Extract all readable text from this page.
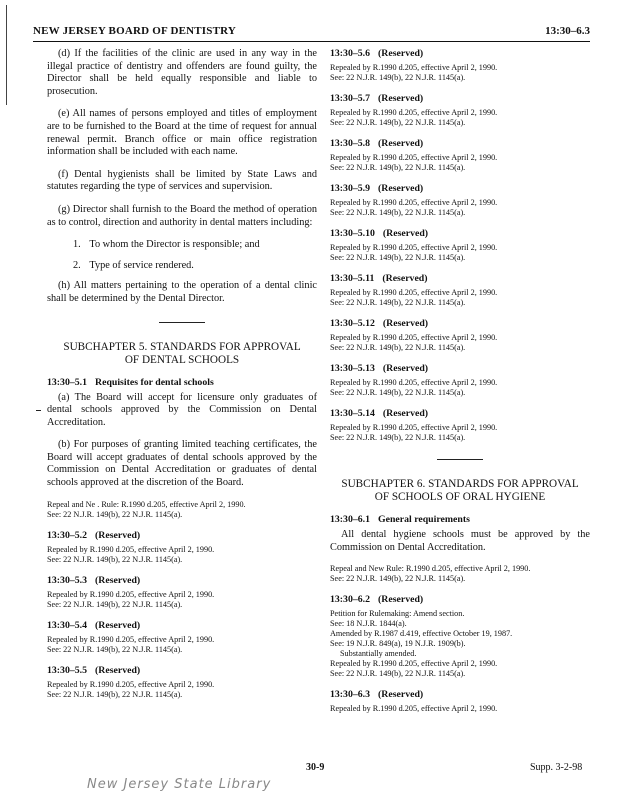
NEW JERSEY BOARD OF DENTISTRY	13:30–6.3

(d) If the facilities of the clinic are used in any way in the illegal practice of dentistry and offenders are found guilty, the Director shall be held equally responsible and liable to prosecution.

(e) All names of persons employed and titles of employment are to be furnished to the Board at the time of request for annual renewal permit. Branch office or main office registration information shall be included with each name.

(f) Dental hygienists shall be limited by State Laws and statutes regarding the type of services and supervision.

(g) Director shall furnish to the Board the method of operation as to control, direction and authority in dental matters including:

1. To whom the Director is responsible; and
2. Type of service rendered.

(h) All matters pertaining to the operation of a dental clinic shall be determined by the Dental Director.

SUBCHAPTER 5. STANDARDS FOR APPROVAL
OF DENTAL SCHOOLS
13:30–5.1 Requisites for dental schools

(a) The Board will accept for licensure only graduates of dental schools approved by the Commission on Dental Accreditation.

(b) For purposes of granting limited teaching certificates, the Board will accept graduates of dental schools approved by the Commission on Dental Accreditation or graduates of dental schools approved at the discretion of the Board.

Repeal and Ne . Rule: R.1990 d.205, effective April 2, 1990.

See: 22 N.J.R. 149(b), 22 N.J.R. 1145(a).

13:30–5.2 (Reserved)

Repealed by R.1990 d.205, effective April 2, 1990.

See: 22 N.J.R. 149(b), 22 N.J.R. 1145(a).

13:30–5.3 (Reserved)

Repealed by R.1990 d.205, effective April 2, 1990.

See: 22 N.J.R. 149(b), 22 N.J.R. 1145(a).

13:30–5.4 (Reserved)

Repealed by R.1990 d.205, effective April 2, 1990.

See: 22 N.J.R. 149(b), 22 N.J.R. 1145(a).

13:30–5.5 (Reserved)

Repealed by R.1990 d.205, effective April 2, 1990.

See: 22 N.J.R. 149(b), 22 N.J.R. 1145(a).

13:30–5.6 (Reserved)

Repealed by R.1990 d.205, effective April 2, 1990.

See: 22 N.J.R. 149(b), 22 N.J.R. 1145(a).

13:30–5.7 (Reserved)

Repealed by R.1990 d.205, effective April 2, 1990.

See: 22 N.J.R. 149(b), 22 N.J.R. 1145(a).

13:30–5.8 (Reserved)

Repealed by R.1990 d.205, effective April 2, 1990.

See: 22 N.J.R. 149(b), 22 N.J.R. 1145(a).

13:30–5.9 (Reserved)

Repealed by R.1990 d.205, effective April 2, 1990.

See: 22 N.J.R. 149(b), 22 N.J.R. 1145(a).

13:30–5.10 (Reserved)

Repealed by R.1990 d.205, effective April 2, 1990.

See: 22 N.J.R. 149(b), 22 N.J.R. 1145(a).

13:30–5.11 (Reserved)

Repealed by R.1990 d.205, effective April 2, 1990.

See: 22 N.J.R. 149(b), 22 N.J.R. 1145(a).

13:30–5.12 (Reserved)

Repealed by R.1990 d.205, effective April 2, 1990.

See: 22 N.J.R. 149(b), 22 N.J.R. 1145(a).

13:30–5.13 (Reserved)

Repealed by R.1990 d.205, effective April 2, 1990.

See: 22 N.J.R. 149(b), 22 N.J.R. 1145(a).

13:30–5.14 (Reserved)

Repealed by R.1990 d.205, effective April 2, 1990.

See: 22 N.J.R. 149(b), 22 N.J.R. 1145(a).

SUBCHAPTER 6. STANDARDS FOR APPROVAL
OF SCHOOLS OF ORAL HYGIENE
13:30–6.1 General requirements

All dental hygiene schools must be approved by the Commission on Dental Accreditation.

Repeal and New Rule: R.1990 d.205, effective April 2, 1990.

See: 22 N.J.R. 149(b), 22 N.J.R. 1145(a).

13:30–6.2 (Reserved)

Petition for Rulemaking: Amend section.

See: 18 N.J.R. 1844(a).

Amended by R.1987 d.419, effective October 19, 1987.

See: 19 N.J.R. 849(a), 19 N.J.R. 1909(b).

Substantially amended.

Repealed by R.1990 d.205, effective April 2, 1990.

See: 22 N.J.R. 149(b), 22 N.J.R. 1145(a).

13:30–6.3 (Reserved)

Repealed by R.1990 d.205, effective April 2, 1990.

30-9	Supp. 3-2-98
New Jersey State Library
